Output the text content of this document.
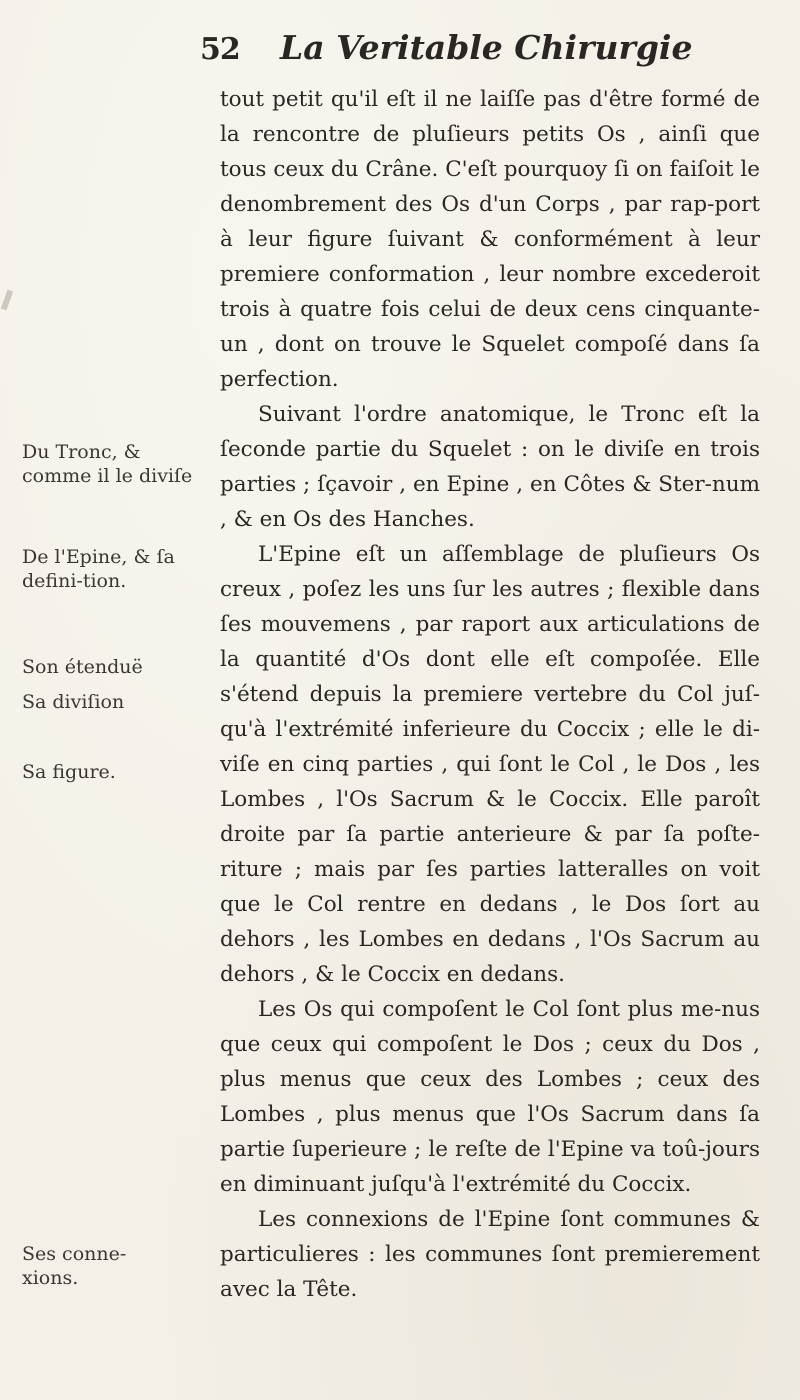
52 La Veritable Chirurgie

tout petit qu'il eſt il ne laiſſe pas d'être formé de la rencontre de pluſieurs petits Os , ainſi que tous ceux du Crâne. C'eſt pourquoy ſi on faiſoit le denombrement des Os d'un Corps , par rap-port à leur figure ſuivant & conformément à leur premiere conformation , leur nombre excederoit trois à quatre fois celui de deux cens cinquante-un , dont on trouve le Squelet compoſé dans ſa perfection.

Suivant l'ordre anatomique, le Tronc eſt la ſeconde partie du Squelet : on le diviſe en trois parties ; ſçavoir , en Epine , en Côtes & Ster-num , & en Os des Hanches.

L'Epine eſt un aſſemblage de pluſieurs Os creux , poſez les uns ſur les autres ; flexible dans ſes mouvemens , par raport aux articulations de la quantité d'Os dont elle eſt compoſée. Elle s'étend depuis la premiere vertebre du Col juſ-qu'à l'extrémité inferieure du Coccix ; elle le di-viſe en cinq parties , qui ſont le Col , le Dos , les Lombes , l'Os Sacrum & le Coccix. Elle paroît droite par ſa partie anterieure & par ſa poſte-riture ; mais par ſes parties latteralles on voit que le Col rentre en dedans , le Dos ſort au dehors , les Lombes en dedans , l'Os Sacrum au dehors , & le Coccix en dedans.

Les Os qui compoſent le Col ſont plus me-nus que ceux qui compoſent le Dos ; ceux du Dos , plus menus que ceux des Lombes ; ceux des Lombes , plus menus que l'Os Sacrum dans ſa partie ſuperieure ; le reſte de l'Epine va toû-jours en diminuant juſqu'à l'extrémité du Coccix.

Les connexions de l'Epine ſont communes & particulieres : les communes ſont premierement avec la Tête.

Du Tronc, & comme il le diviſe
De l'Epine, & ſa defini-tion.
Son étenduë
Sa diviſion
Sa figure.
Ses conne-xions.
